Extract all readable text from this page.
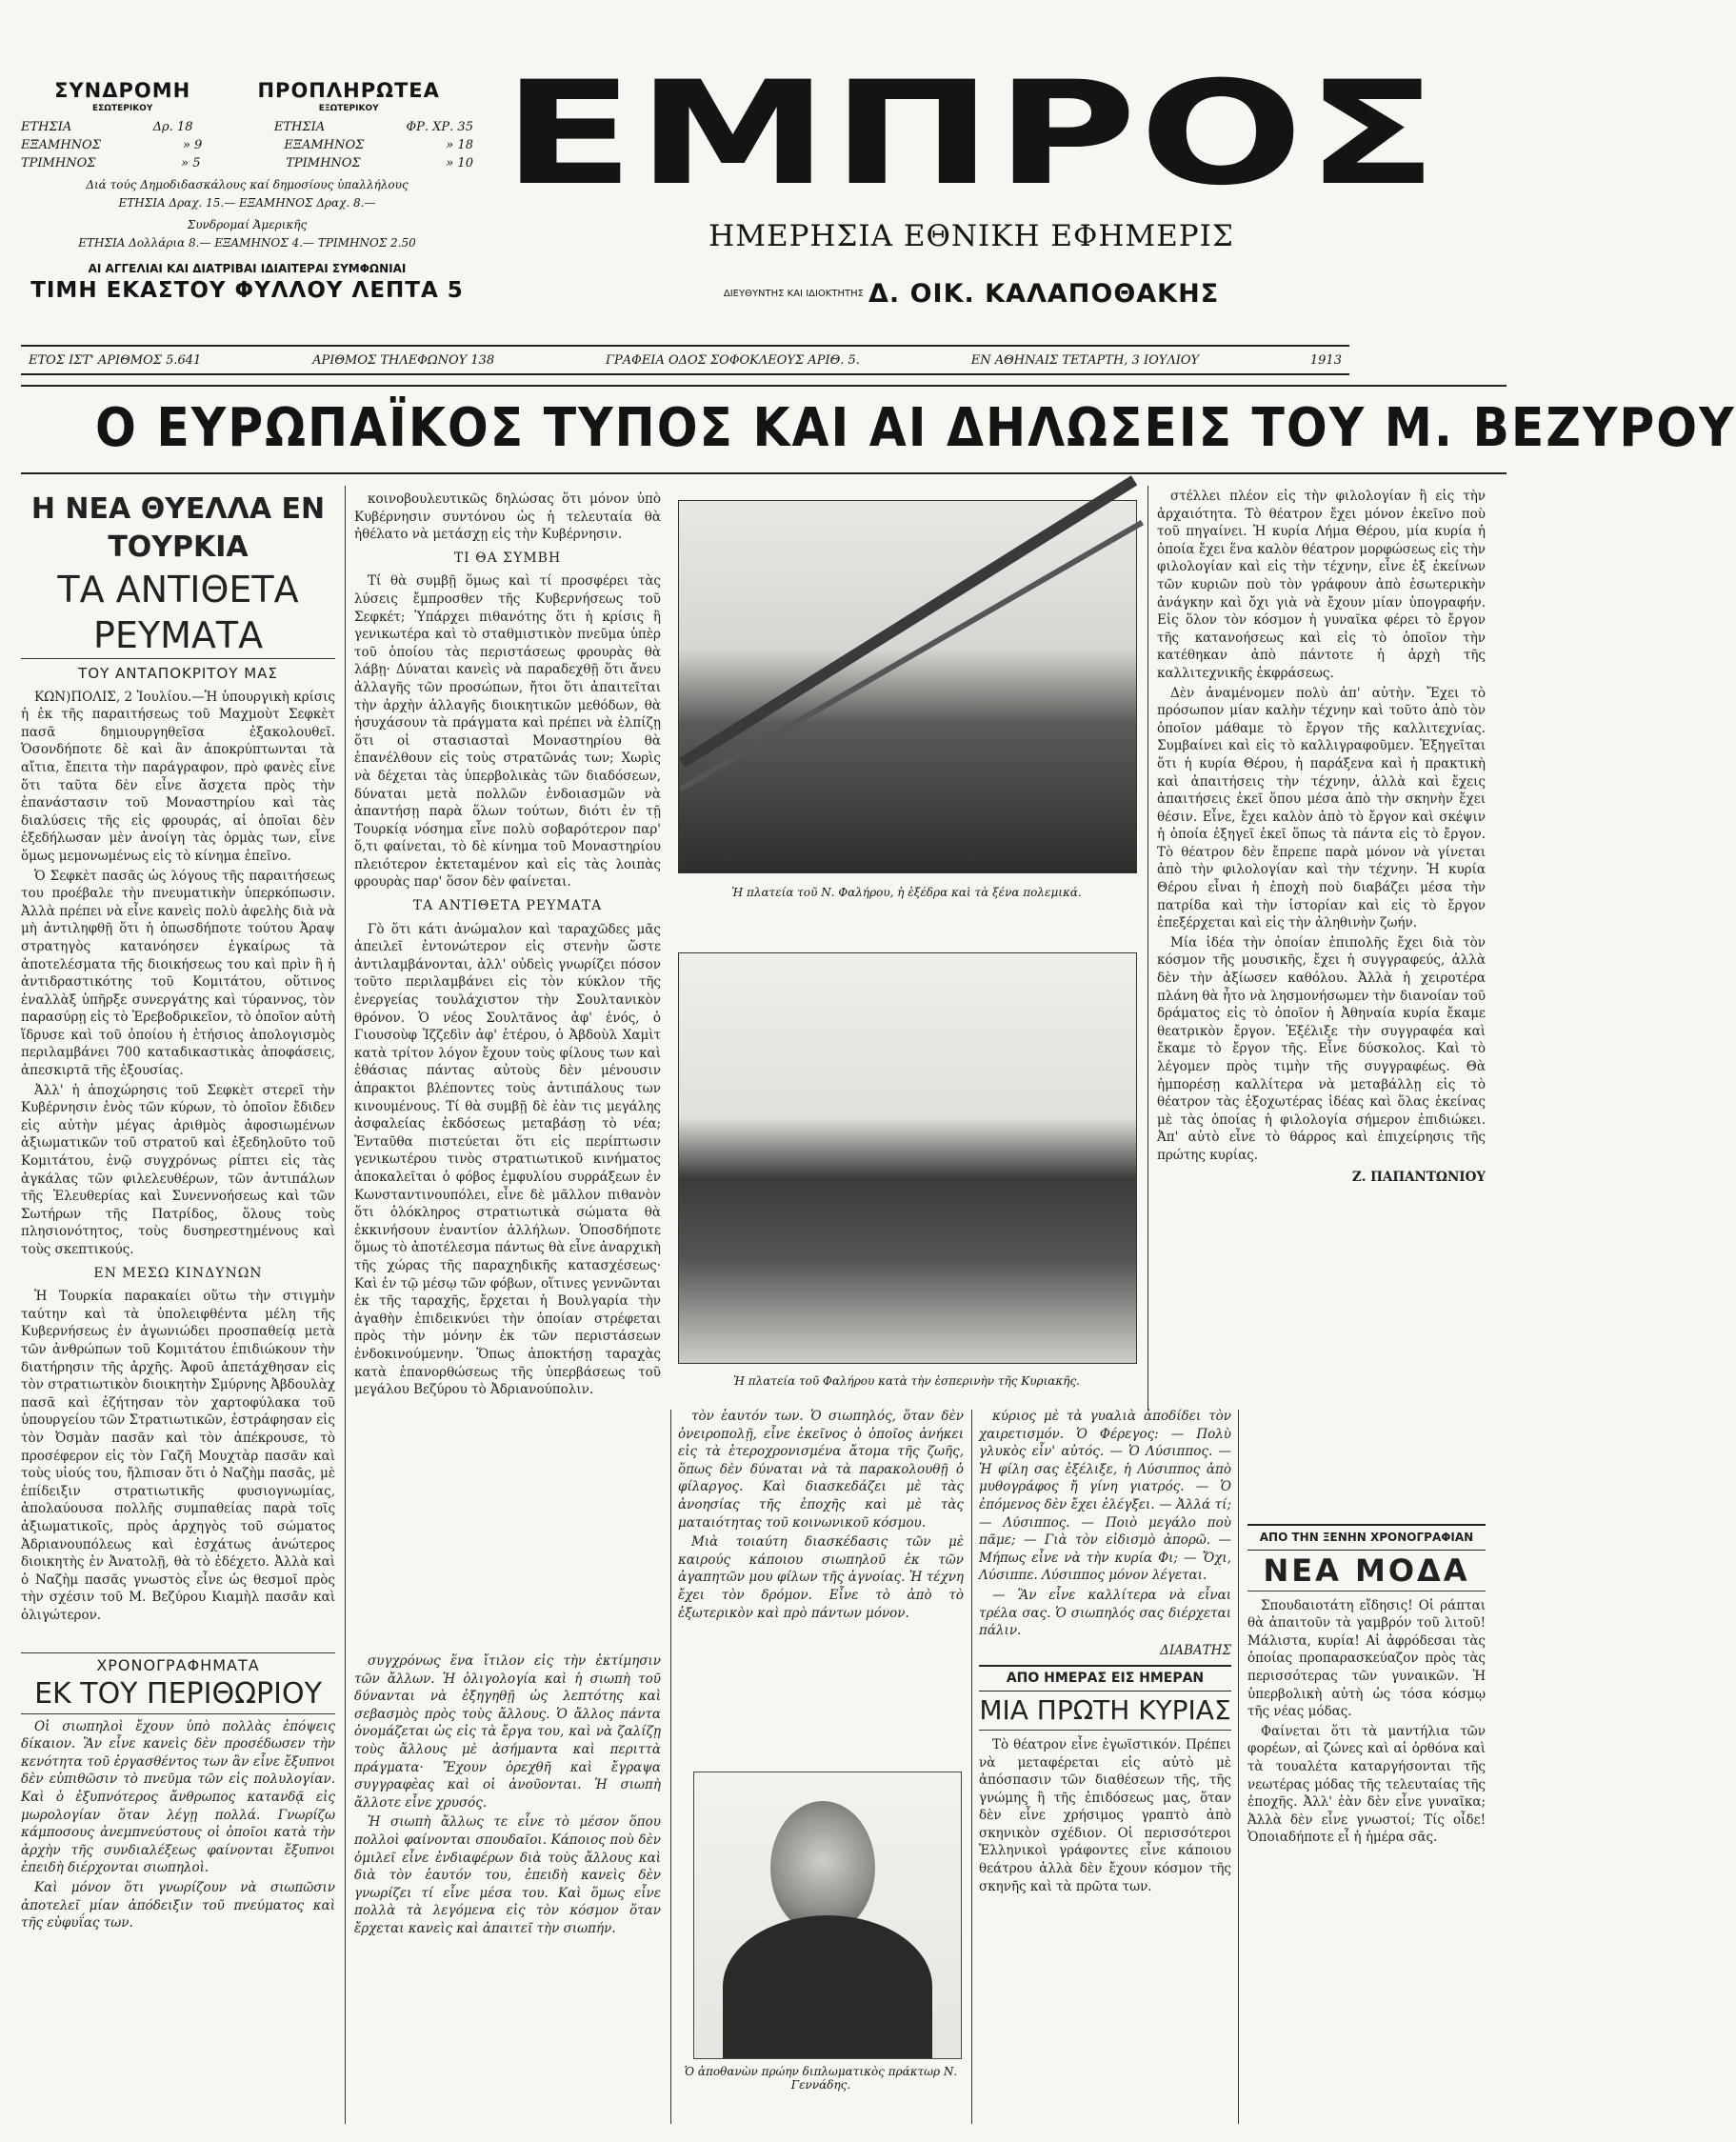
ΣΥΝΔΡΟΜΗ
ΕΣΩΤΕΡΙΚΟΥ
ΠΡΟΠΛΗΡΩΤΕΑ
ΕΞΩΤΕΡΙΚΟΥ
ΕΤΗΣΙΑ	Δρ. 18	ΕΤΗΣΙΑ	ΦΡ. ΧΡ. 35
ΕΞΑΜΗΝΟΣ	» 9	ΕΞΑΜΗΝΟΣ	» 18
ΤΡΙΜΗΝΟΣ	» 5	ΤΡΙΜΗΝΟΣ	» 10
Διά τούς Δημοδιδασκάλους καί δημοσίους ὑπαλλήλους
ΕΤΗΣΙΑ Δραχ. 15.— ΕΞΑΜΗΝΟΣ Δραχ. 8.—
Συνδρομαί Ἀμερικῆς
ΕΤΗΣΙΑ Δολλάρια 8.— ΕΞΑΜΗΝΟΣ 4.— ΤΡΙΜΗΝΟΣ 2.50
ΑΙ ΑΓΓΕΛΙΑΙ ΚΑΙ ΔΙΑΤΡΙΒΑΙ ΙΔΙΑΙΤΕΡΑΙ ΣΥΜΦΩΝΙΑΙ
ΤΙΜΗ ΕΚΑΣΤΟΥ ΦΥΛΛΟΥ ΛΕΠΤΑ 5
ΕΜΠΡΟΣ
ΗΜΕΡΗΣΙΑ ΕΘΝΙΚΗ ΕΦΗΜΕΡΙΣ
ΔΙΕΥΘΥΝΤΗΣ ΚΑΙ ΙΔΙΟΚΤΗΤΗΣ Δ. ΟΙΚ. ΚΑΛΑΠΟΘΑΚΗΣ
ΕΤΟΣ ΙΣΤ' ΑΡΙΘΜΟΣ 5.641	ΑΡΙΘΜΟΣ ΤΗΛΕΦΩΝΟΥ 138	ΓΡΑΦΕΙΑ ΟΔΟΣ ΣΟΦΟΚΛΕΟΥΣ ΑΡΙΘ. 5.	ΕΝ ΑΘΗΝΑΙΣ ΤΕΤΑΡΤΗ, 3 ΙΟΥΛΙΟΥ	1913
Ο ΕΥΡΩΠΑΪΚΟΣ ΤΥΠΟΣ ΚΑΙ ΑΙ ΔΗΛΩΣΕΙΣ ΤΟΥ Μ. ΒΕΖΥΡΟΥ
Η ΝΕΑ ΘΥΕΛΛΑ ΕΝ ΤΟΥΡΚΙΑ
ΤΑ ΑΝΤΙΘΕΤΑ ΡΕΥΜΑΤΑ
ΤΟΥ ΑΝΤΑΠΟΚΡΙΤΟΥ ΜΑΣ

ΚΩΝ)ΠΟΛΙΣ, 2 Ἰουλίου.—Ἡ ὑπουργικὴ κρίσις ἡ ἐκ τῆς παραιτήσεως τοῦ Μαχμοὺτ Σεφκὲτ πασᾶ δημιουργηθεῖσα ἐξακολουθεῖ. Ὁσονδήποτε δὲ καὶ ἂν ἀποκρύπτωνται τὰ αἴτια, ἔπειτα τὴν παράγραφον, πρὸ φανὲς εἶνε ὅτι ταῦτα δὲν εἶνε ἄσχετα πρὸς τὴν ἐπανάστασιν τοῦ Μοναστηρίου καὶ τὰς διαλύσεις τῆς εἰς φρουράς, αἱ ὁποῖαι δὲν ἐξεδήλωσαν μὲν ἀνοίγη τὰς ὁρμὰς των, εἶνε ὅμως μεμονωμένως εἰς τὸ κίνημα ἐπεῖνο.

Ὁ Σεφκὲτ πασᾶς ὡς λόγους τῆς παραιτήσεως του προέβαλε τὴν πνευματικὴν ὑπερκόπωσιν. Ἀλλὰ πρέπει νὰ εἶνε κανεὶς πολὺ ἀφελὴς διὰ νὰ μὴ ἀντιληφθῇ ὅτι ἡ ὀπωσδήποτε τούτου Ἀραψ στρατηγὸς κατανόησεν ἐγκαίρως τὰ ἀποτελέσματα τῆς διοικήσεως του καὶ πρὶν ἢ ἡ ἀντιδραστικότης τοῦ Κομιτάτου, οὕτινος ἐναλλὰξ ὑπῆρξε συνεργάτης καὶ τύραννος, τὸν παρασύρῃ εἰς τὸ Ἐρεβοδρικεῖον, τὸ ὁποῖον αὐτὴ ἵδρυσε καὶ τοῦ ὁποίου ἡ ἐτήσιος ἀπολογισμὸς περιλαμβάνει 700 καταδικαστικὰς ἀποφάσεις, ἀπεσκιρτᾶ τῆς ἐξουσίας.

Ἀλλ' ἡ ἀποχώρησις τοῦ Σεφκὲτ στερεῖ τὴν Κυβέρνησιν ἑνὸς τῶν κύρων, τὸ ὁποῖον ἔδιδεν εἰς αὐτὴν μέγας ἀριθμὸς ἀφοσιωμένων ἀξιωματικῶν τοῦ στρατοῦ καὶ ἐξεδηλοῦτο τοῦ Κομιτάτου, ἐνῷ συγχρόνως ρίπτει εἰς τὰς ἀγκάλας τῶν φιλελευθέρων, τῶν ἀντιπάλων τῆς Ἑλευθερίας καὶ Συνεννοήσεως καὶ τῶν Σωτήρων τῆς Πατρίδος, ὅλους τοὺς πλησιονότητος, τοὺς δυσηρεστημένους καὶ τοὺς σκεπτικούς.

ΕΝ ΜΕΣΩ ΚΙΝΔΥΝΩΝ

Ἡ Τουρκία παρακαίει οὕτω τὴν στιγμὴν ταύτην καὶ τὰ ὑπολειφθέντα μέλη τῆς Κυβερνήσεως ἐν ἀγωνιώδει προσπαθείᾳ μετὰ τῶν ἀνθρώπων τοῦ Κομιτάτου ἐπιδιώκουν τὴν διατήρησιν τῆς ἀρχῆς. Ἀφοῦ ἀπετάχθησαν εἰς τὸν στρατιωτικὸν διοικητὴν Σμύρνης Ἀβδουλὰχ πασᾶ καὶ ἐζήτησαν τὸν χαρτοφύλακα τοῦ ὑπουργείου τῶν Στρατιωτικῶν, ἐστράφησαν εἰς τὸν Ὀσμὰν πασᾶν καὶ τὸν ἀπέκρουσε, τὸ προσέφερον εἰς τὸν Γαζῆ Μουχτὰρ πασᾶν καὶ τοὺς υἱούς του, ἤλπισαν ὅτι ὁ Ναζὴμ πασᾶς, μὲ ἐπίδειξιν στρατιωτικῆς φυσιογνωμίας, ἀπολαύουσα πολλῆς συμπαθείας παρὰ τοῖς ἀξιωματικοῖς, πρὸς ἀρχηγὸς τοῦ σώματος Ἀδριανουπόλεως καὶ ἐσχάτως ἀνώτερος διοικητὴς ἐν Ἀνατολῇ, θὰ τὸ ἐδέχετο. Ἀλλὰ καὶ ὁ Ναζὴμ πασᾶς γνωστὸς εἶνε ὡς θεσμοῖ πρὸς τὴν σχέσιν τοῦ Μ. Βεζύρου Κιαμὴλ πασᾶν καὶ ὁλιγώτερον.

κοινοβουλευτικῶς δηλώσας ὅτι μόνον ὑπὸ Κυβέρνησιν συντόνου ὡς ἡ τελευταία θὰ ἠθέλατο νὰ μετάσχῃ εἰς τὴν Κυβέρνησιν.

ΤΙ ΘΑ ΣΥΜΒΗ

Τί θὰ συμβῇ ὅμως καὶ τί προσφέρει τὰς λύσεις ἔμπροσθεν τῆς Κυβερνήσεως τοῦ Σεφκέτ; Ὑπάρχει πιθανότης ὅτι ἡ κρίσις ἢ γενικωτέρα καὶ τὸ σταθμιστικὸν πνεῦμα ὑπὲρ τοῦ ὁποίου τὰς περιστάσεως φρουρὰς θὰ λάβῃ· Δύναται κανεὶς νὰ παραδεχθῇ ὅτι ἄνευ ἀλλαγῆς τῶν προσώπων, ἤτοι ὅτι ἀπαιτεῖται τὴν ἀρχὴν ἀλλαγῆς διοικητικῶν μεθόδων, θὰ ἡσυχάσουν τὰ πράγματα καὶ πρέπει νὰ ἐλπίζῃ ὅτι οἱ στασιασταὶ Μοναστηρίου θὰ ἐπανέλθουν εἰς τοὺς στρατῶνάς των; Χωρὶς νὰ δέχεται τὰς ὑπερβολικὰς τῶν διαδόσεων, δύναται μετὰ πολλῶν ἐνδοιασμῶν νὰ ἀπαντήσῃ παρὰ ὅλων τούτων, διότι ἐν τῇ Τουρκίᾳ νόσημα εἶνε πολὺ σοβαρότερον παρ' ὅ,τι φαίνεται, τὸ δὲ κίνημα τοῦ Μοναστηρίου πλειότερον ἐκτεταμένον καὶ εἰς τὰς λοιπὰς φρουρὰς παρ' ὅσον δὲν φαίνεται.

ΤΑ ΑΝΤΙΘΕΤΑ ΡΕΥΜΑΤΑ

Γὸ ὅτι κάτι ἀνώμαλον καὶ ταραχῶδες μᾶς ἀπειλεῖ ἐντονώτερον εἰς στενὴν ὥστε ἀντιλαμβάνονται, ἀλλ' οὐδεὶς γνωρίζει πόσον τοῦτο περιλαμβάνει εἰς τὸν κύκλον τῆς ἐνεργείας τουλάχιστον τὴν Σουλτανικὸν θρόνον. Ὁ νέος Σουλτᾶνος ἀφ' ἑνός, ὁ Γιουσοὺφ Ἰζζεδὶν ἀφ' ἑτέρου, ὁ Ἀβδοὺλ Χαμὶτ κατὰ τρίτον λόγον ἔχουν τοὺς φίλους των καὶ ἐθάσιας πάντας αὐτοὺς δὲν μένουσιν ἀπρακτοι βλέποντες τοὺς ἀντιπάλους των κινουμένους. Τί θὰ συμβῇ δὲ ἐὰν τις μεγάλης ἀσφαλείας ἐκδόσεως μεταβάσῃ τὸ νέα; Ἐνταῦθα πιστεύεται ὅτι εἰς περίπτωσιν γενικωτέρου τινὸς στρατιωτικοῦ κινήματος ἀποκαλεῖται ὁ φόβος ἐμφυλίου συρράξεων ἐν Κωνσταντινουπόλει, εἶνε δὲ μᾶλλον πιθανὸν ὅτι ὁλόκληρος στρατιωτικὰ σώματα θὰ ἐκκινήσουν ἐναντίον ἀλλήλων. Ὁποσδήποτε ὅμως τὸ ἀποτέλεσμα πάντως θὰ εἶνε ἀναρχικὴ τῆς χώρας τῆς παραχηδικῆς κατασχέσεως· Καὶ ἐν τῷ μέσῳ τῶν φόβων, οἵτινες γεννῶνται ἐκ τῆς ταραχῆς, ἔρχεται ἡ Βουλγαρία τὴν ἀγαθὴν ἐπιδεικνύει τὴν ὁποίαν στρέφεται πρὸς τὴν μόνην ἐκ τῶν περιστάσεων ἐνδοκινούμενην. Ὅπως ἀποκτήσῃ ταραχὰς κατὰ ἐπανορθώσεως τῆς ὑπερβάσεως τοῦ μεγάλου Βεζύρου τὸ Ἀδριανούπολιν.

Ἡ πλατεία τοῦ Ν. Φαλήρου, ἡ ἐξέδρα καὶ τὰ ξένα πολεμικά.
Ἡ πλατεία τοῦ Φαλήρου κατὰ τὴν ἑσπερινὴν τῆς Κυριακῆς.

στέλλει πλέον εἰς τὴν φιλολογίαν ἢ εἰς τὴν ἀρχαιότητα. Τὸ θέατρον ἔχει μόνον ἐκεῖνο ποὺ τοῦ πηγαίνει. Ἡ κυρία Λήμα Θέρου, μία κυρία ἡ ὁποία ἔχει ἕνα καλὸν θέατρον μορφώσεως εἰς τὴν φιλολογίαν καὶ εἰς τὴν τέχνην, εἶνε ἐξ ἐκείνων τῶν κυριῶν ποὺ τὸν γράφουν ἀπὸ ἐσωτερικὴν ἀνάγκην καὶ ὄχι γιὰ νὰ ἔχουν μίαν ὑπογραφήν. Εἰς ὅλον τὸν κόσμον ἡ γυναῖκα φέρει τὸ ἔργον τῆς κατανοήσεως καὶ εἰς τὸ ὁποῖον τὴν κατέθηκαν ἀπὸ πάντοτε ἡ ἀρχὴ τῆς καλλιτεχνικῆς ἐκφράσεως.

Δὲν ἀναμένομεν πολὺ ἀπ' αὐτὴν. Ἔχει τὸ πρόσωπον μίαν καλὴν τέχνην καὶ τοῦτο ἀπὸ τὸν ὁποῖον μάθαμε τὸ ἔργον τῆς καλλιτεχνίας. Συμβαίνει καὶ εἰς τὸ καλλιγραφοῦμεν. Ἐξηγεῖται ὅτι ἡ κυρία Θέρου, ἡ παράξενα καὶ ἡ πρακτικὴ καὶ ἀπαιτήσεις τὴν τέχνην, ἀλλὰ καὶ ἔχεις ἀπαιτήσεις ἐκεῖ ὅπου μέσα ἀπὸ τὴν σκηνὴν ἔχει θέσιν. Εἶνε, ἔχει καλὸν ἀπὸ τὸ ἔργον καὶ σκέψιν ἡ ὁποία ἐξηγεῖ ἐκεῖ ὅπως τὰ πάντα εἰς τὸ ἔργον. Τὸ θέατρον δὲν ἔπρεπε παρὰ μόνον νὰ γίνεται ἀπὸ τὴν φιλολογίαν καὶ τὴν τέχνην. Ἡ κυρία Θέρου εἶναι ἡ ἐποχὴ ποὺ διαβάζει μέσα τὴν πατρίδα καὶ τὴν ἱστορίαν καὶ εἰς τὸ ἔργον ἐπεξέρχεται καὶ εἰς τὴν ἀληθινὴν ζωήν.

Μία ἰδέα τὴν ὁποίαν ἐπιπολῆς ἔχει διὰ τὸν κόσμον τῆς μουσικῆς, ἔχει ἡ συγγραφεύς, ἀλλὰ δὲν τὴν ἀξίωσεν καθόλου. Ἀλλὰ ἡ χειροτέρα πλάνη θὰ ἦτο νὰ λησμονήσωμεν τὴν διανοίαν τοῦ δράματος εἰς τὸ ὁποῖον ἡ Ἀθηναία κυρία ἔκαμε θεατρικὸν ἔργον. Ἐξέλιξε τὴν συγγραφέα καὶ ἔκαμε τὸ ἔργον τῆς. Εἶνε δύσκολος. Καὶ τὸ λέγομεν πρὸς τιμὴν τῆς συγγραφέως. Θὰ ἠμπορέσῃ καλλίτερα νὰ μεταβάλλῃ εἰς τὸ θέατρον τὰς ἐξοχωτέρας ἰδέας καὶ ὅλας ἐκείνας μὲ τὰς ὁποίας ἡ φιλολογία σήμερον ἐπιδιώκει. Ἀπ' αὐτὸ εἶνε τὸ θάρρος καὶ ἐπιχείρησις τῆς πρώτης κυρίας.

Ζ. ΠΑΠΑΝΤΩΝΙΟΥ
ΧΡΟΝΟΓΡΑΦΗΜΑΤΑ
ΕΚ ΤΟΥ ΠΕΡΙΘΩΡΙΟΥ

Οἱ σιωπηλοὶ ἔχουν ὑπὸ πολλὰς ἐπόψεις δίκαιον. Ἂν εἶνε κανεὶς δὲν προσέδωσεν τὴν κενότητα τοῦ ἐργασθέντος των ἂν εἶνε ἔξυπνοι δὲν εὐπιθῶσιν τὸ πνεῦμα τῶν εἰς πολυλογίαν. Καὶ ὁ ἐξυπνότερος ἄνθρωπος κατανδᾷ εἰς μωρολογίαν ὅταν λέγῃ πολλά. Γνωρίζω κάμποσους ἀνεμπνεύστους οἱ ὁποῖοι κατὰ τὴν ἀρχὴν τῆς συνδιαλέξεως φαίνονται ἔξυπνοι ἐπειδὴ διέρχονται σιωπηλοὶ.

Καὶ μόνον ὅτι γνωρίζουν νὰ σιωπῶσιν ἀποτελεῖ μίαν ἀπόδειξιν τοῦ πνεύματος καὶ τῆς εὐφυΐας των.

συγχρόνως ἕνα ἴτιλον εἰς τὴν ἐκτίμησιν τῶν ἄλλων. Ἡ ὁλιγολογία καὶ ἡ σιωπὴ τοῦ δύνανται νὰ ἐξηγηθῇ ὡς λεπτότης καὶ σεβασμὸς πρὸς τοὺς ἄλλους. Ὁ ἄλλος πάντα ὀνομάζεται ὡς εἰς τὰ ἔργα του, καὶ νὰ ζαλίζῃ τοὺς ἄλλους μὲ ἀσήμαντα καὶ περιττὰ πράγματα· Ἔχουν ὀρεχθῆ καὶ ἔγραψα συγγραφὲας καὶ οἱ ἀνοῦονται. Ἡ σιωπὴ ἄλλοτε εἶνε χρυσός.

Ἡ σιωπὴ ἄλλως τε εἶνε τὸ μέσον ὅπου πολλοὶ φαίνονται σπουδαῖοι. Κάποιος ποὺ δὲν ὁμιλεῖ εἶνε ἐνδιαφέρων διὰ τοὺς ἄλλους καὶ διὰ τὸν ἑαυτόν του, ἐπειδὴ κανεὶς δὲν γνωρίζει τί εἶνε μέσα του. Καὶ ὅμως εἶνε πολλὰ τὰ λεγόμενα εἰς τὸν κόσμον ὅταν ἔρχεται κανεὶς καὶ ἀπαιτεῖ τὴν σιωπήν.

τὸν ἑαυτόν των. Ὁ σιωπηλός, ὅταν δὲν ὀνειροπολῇ, εἶνε ἐκεῖνος ὁ ὁποῖος ἀνήκει εἰς τὰ ἑτεροχρονισμένα ἄτομα τῆς ζωῆς, ὅπως δὲν δύναται νὰ τὰ παρακολουθῇ ὁ φίλαργος. Καὶ διασκεδάζει μὲ τὰς ἀνοησίας τῆς ἐποχῆς καὶ μὲ τὰς ματαιότητας τοῦ κοινωνικοῦ κόσμου.

Μιὰ τοιαύτη διασκέδασις τῶν μὲ καιρούς κάποιου σιωπηλοῦ ἐκ τῶν ἀγαπητῶν μου φίλων τῆς ἀγνοίας. Ἡ τέχνη ἔχει τὸν δρόμον. Εἶνε τὸ ἀπὸ τὸ ἐξωτερικὸν καὶ πρὸ πάντων μόνον.

Ὁ ἀποθανὼν πρώην διπλωματικὸς πράκτωρ Ν. Γεννάδης.

κύριος μὲ τὰ γυαλιὰ ἀποδίδει τὸν χαιρετισμόν. Ὁ Φέρεγος: — Πολὺ γλυκὸς εἶν' αὐτός. — Ὁ Λύσιππος. — Ἡ φίλη σας ἐξέλιξε, ἡ Λύσιππος ἀπὸ μυθογράφος ἤ γίνη γιατρός. — Ὁ ἐπόμενος δὲν ἔχει ἐλέγξει. — Ἀλλά τί; — Λύσιππος. — Ποιὸ μεγάλο ποὺ πᾶμε; — Γιὰ τὸν εἰδισμὸ ἀπορῶ. — Μήπως εἶνε νὰ τὴν κυρία Φι; — Ὄχι, Λύσιππε. Λύσιππος μόνον λέγεται.

— Ἂν εἶνε καλλίτερα νὰ εἶναι τρέλα σας. Ὁ σιωπηλός σας διέρχεται πάλιν.

ΔΙΑΒΑΤΗΣ
ΑΠΟ ΗΜΕΡΑΣ ΕΙΣ ΗΜΕΡΑΝ
ΜΙΑ ΠΡΩΤΗ ΚΥΡΙΑΣ

Τὸ θέατρον εἶνε ἐγωϊστικόν. Πρέπει νὰ μεταφέρεται εἰς αὐτὸ μὲ ἀπόσπασιν τῶν διαθέσεων τῆς, τῆς γνώμης ἢ τῆς ἐπιδόσεως μας, ὅταν δὲν εἶνε χρήσιμος γραπτὸ ἀπὸ σκηνικὸν σχέδιον. Οἱ περισσότεροι Ἑλληνικοὶ γράφοντες εἶνε κάποιου θεάτρου ἀλλὰ δὲν ἔχουν κόσμον τῆς σκηνῆς καὶ τὰ πρῶτα των.

ΑΠΟ ΤΗΝ ΞΕΝΗΝ ΧΡΟΝΟΓΡΑΦΙΑΝ
ΝΕΑ ΜΟΔΑ

Σπουδαιοτάτη εἴδησις! Οἱ ράπται θὰ ἀπαιτοῦν τὰ γαμβρόν τοῦ λιτοῦ! Μάλιστα, κυρία! Αἱ ἀφρόδεσαι τὰς ὁποίας προπαρασκεύαζον πρὸς τὰς περισσότερας τῶν γυναικῶν. Ἡ ὑπερβολικὴ αὐτὴ ὡς τόσα κόσμῳ τῆς νέας μόδας.

Φαίνεται ὅτι τὰ μαντήλια τῶν φορέων, αἱ ζώνες καὶ αἱ ὀρθόνα καὶ τὰ τουαλέτα καταργήσονται τῆς νεωτέρας μόδας τῆς τελευταίας τῆς ἐποχῆς. Ἀλλ' ἐὰν δὲν εἶνε γυναῖκα; Ἀλλὰ δὲν εἶνε γνωστοί; Τίς οἶδε! Ὁποιαδήποτε εἶ ἡ ἡμέρα σᾶς.
